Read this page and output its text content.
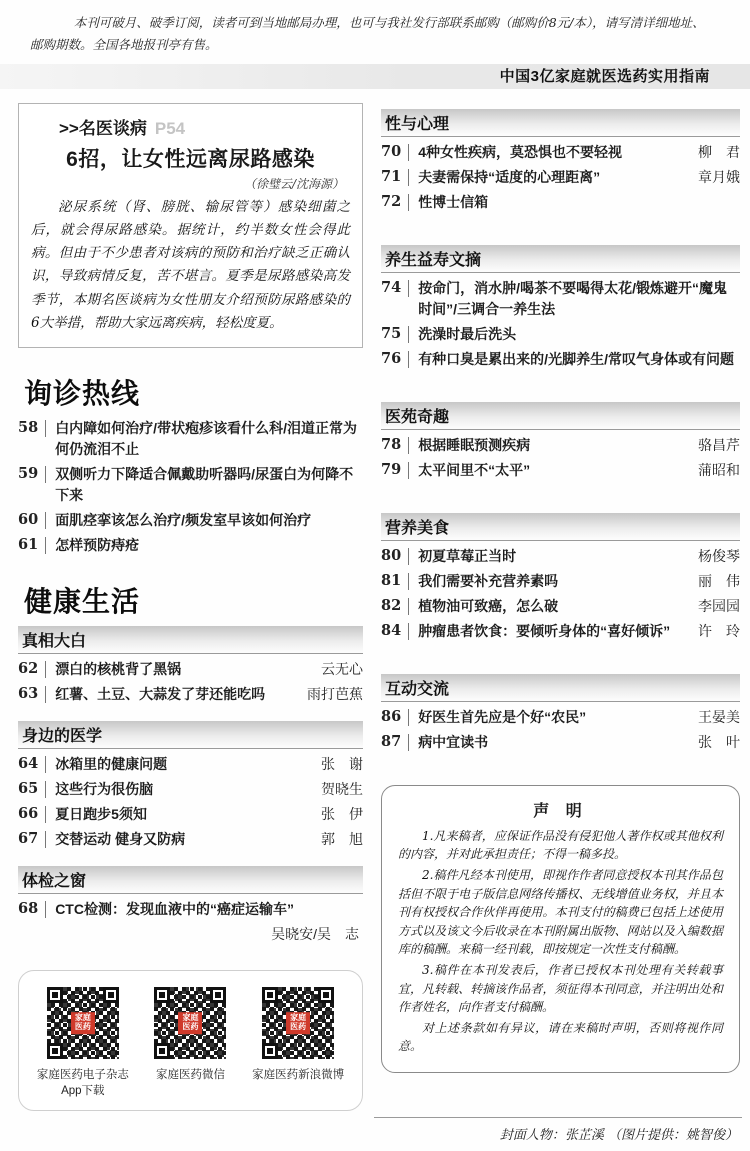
本刊可破月、破季订阅，读者可到当地邮局办理，也可与我社发行部联系邮购（邮购价8元/本），请写清详细地址、邮购期数。全国各地报刊亭有售。

中国3亿家庭就医选药实用指南
>>名医谈病 P54
6招，让女性远离尿路感染
（徐璧云/沈海源）

泌尿系统（肾、膀胱、输尿管等）感染细菌之后，就会得尿路感染。据统计，约半数女性会得此病。但由于不少患者对该病的预防和治疗缺乏正确认识，导致病情反复，苦不堪言。夏季是尿路感染高发季节，本期名医谈病为女性朋友介绍预防尿路感染的6大举措，帮助大家远离疾病，轻松度夏。

询诊热线
58	白内障如何治疗/带状疱疹该看什么科/泪道正常为何仍流泪不止
59	双侧听力下降适合佩戴助听器吗/尿蛋白为何降不下来
60	面肌痉挛该怎么治疗/频发室早该如何治疗
61	怎样预防痔疮
健康生活
真相大白
62	漂白的核桃背了黑锅	云无心
63	红薯、土豆、大蒜发了芽还能吃吗	雨打芭蕉
身边的医学
64	冰箱里的健康问题	张　谢
65	这些行为很伤脑	贺晓生
66	夏日跑步5须知	张　伊
67	交替运动 健身又防病	郭　旭
体检之窗
68	CTC检测：发现血液中的“癌症运输车”
吴晓安/吴　志
家庭医药
家庭医药电子杂志App下载
家庭医药
家庭医药微信
家庭医药
家庭医药新浪微博
性与心理
70	4种女性疾病，莫恐惧也不要轻视	柳　君
71	夫妻需保持“适度的心理距离”	章月娥
72	性博士信箱
养生益寿文摘
74	按命门，消水肿/喝茶不要喝得太花/锻炼避开“魔鬼时间”/三调合一养生法
75	洗澡时最后洗头
76	有种口臭是累出来的/光脚养生/常叹气身体或有问题
医苑奇趣
78	根据睡眠预测疾病	骆昌芹
79	太平间里不“太平”	蒲昭和
营养美食
80	初夏草莓正当时	杨俊琴
81	我们需要补充营养素吗	丽　伟
82	植物油可致癌，怎么破	李园园
84	肿瘤患者饮食：要倾听身体的“喜好倾诉”	许　玲
互动交流
86	好医生首先应是个好“农民”	王晏美
87	病中宜读书	张　叶
声 明

1.凡来稿者，应保证作品没有侵犯他人著作权或其他权利的内容，并对此承担责任；不得一稿多投。

2.稿件凡经本刊使用，即视作作者同意授权本刊其作品包括但不限于电子版信息网络传播权、无线增值业务权，并且本刊有权授权合作伙伴再使用。本刊支付的稿费已包括上述使用方式以及该文今后收录在本刊附属出版物、网站以及入编数据库的稿酬。来稿一经刊载，即按规定一次性支付稿酬。

3.稿件在本刊发表后，作者已授权本刊处理有关转载事宜，凡转载、转摘该作品者，须征得本刊同意，并注明出处和作者姓名，向作者支付稿酬。

对上述条款如有异议，请在来稿时声明，否则将视作同意。

封面人物：张芷溪 （图片提供：姚智俊）
